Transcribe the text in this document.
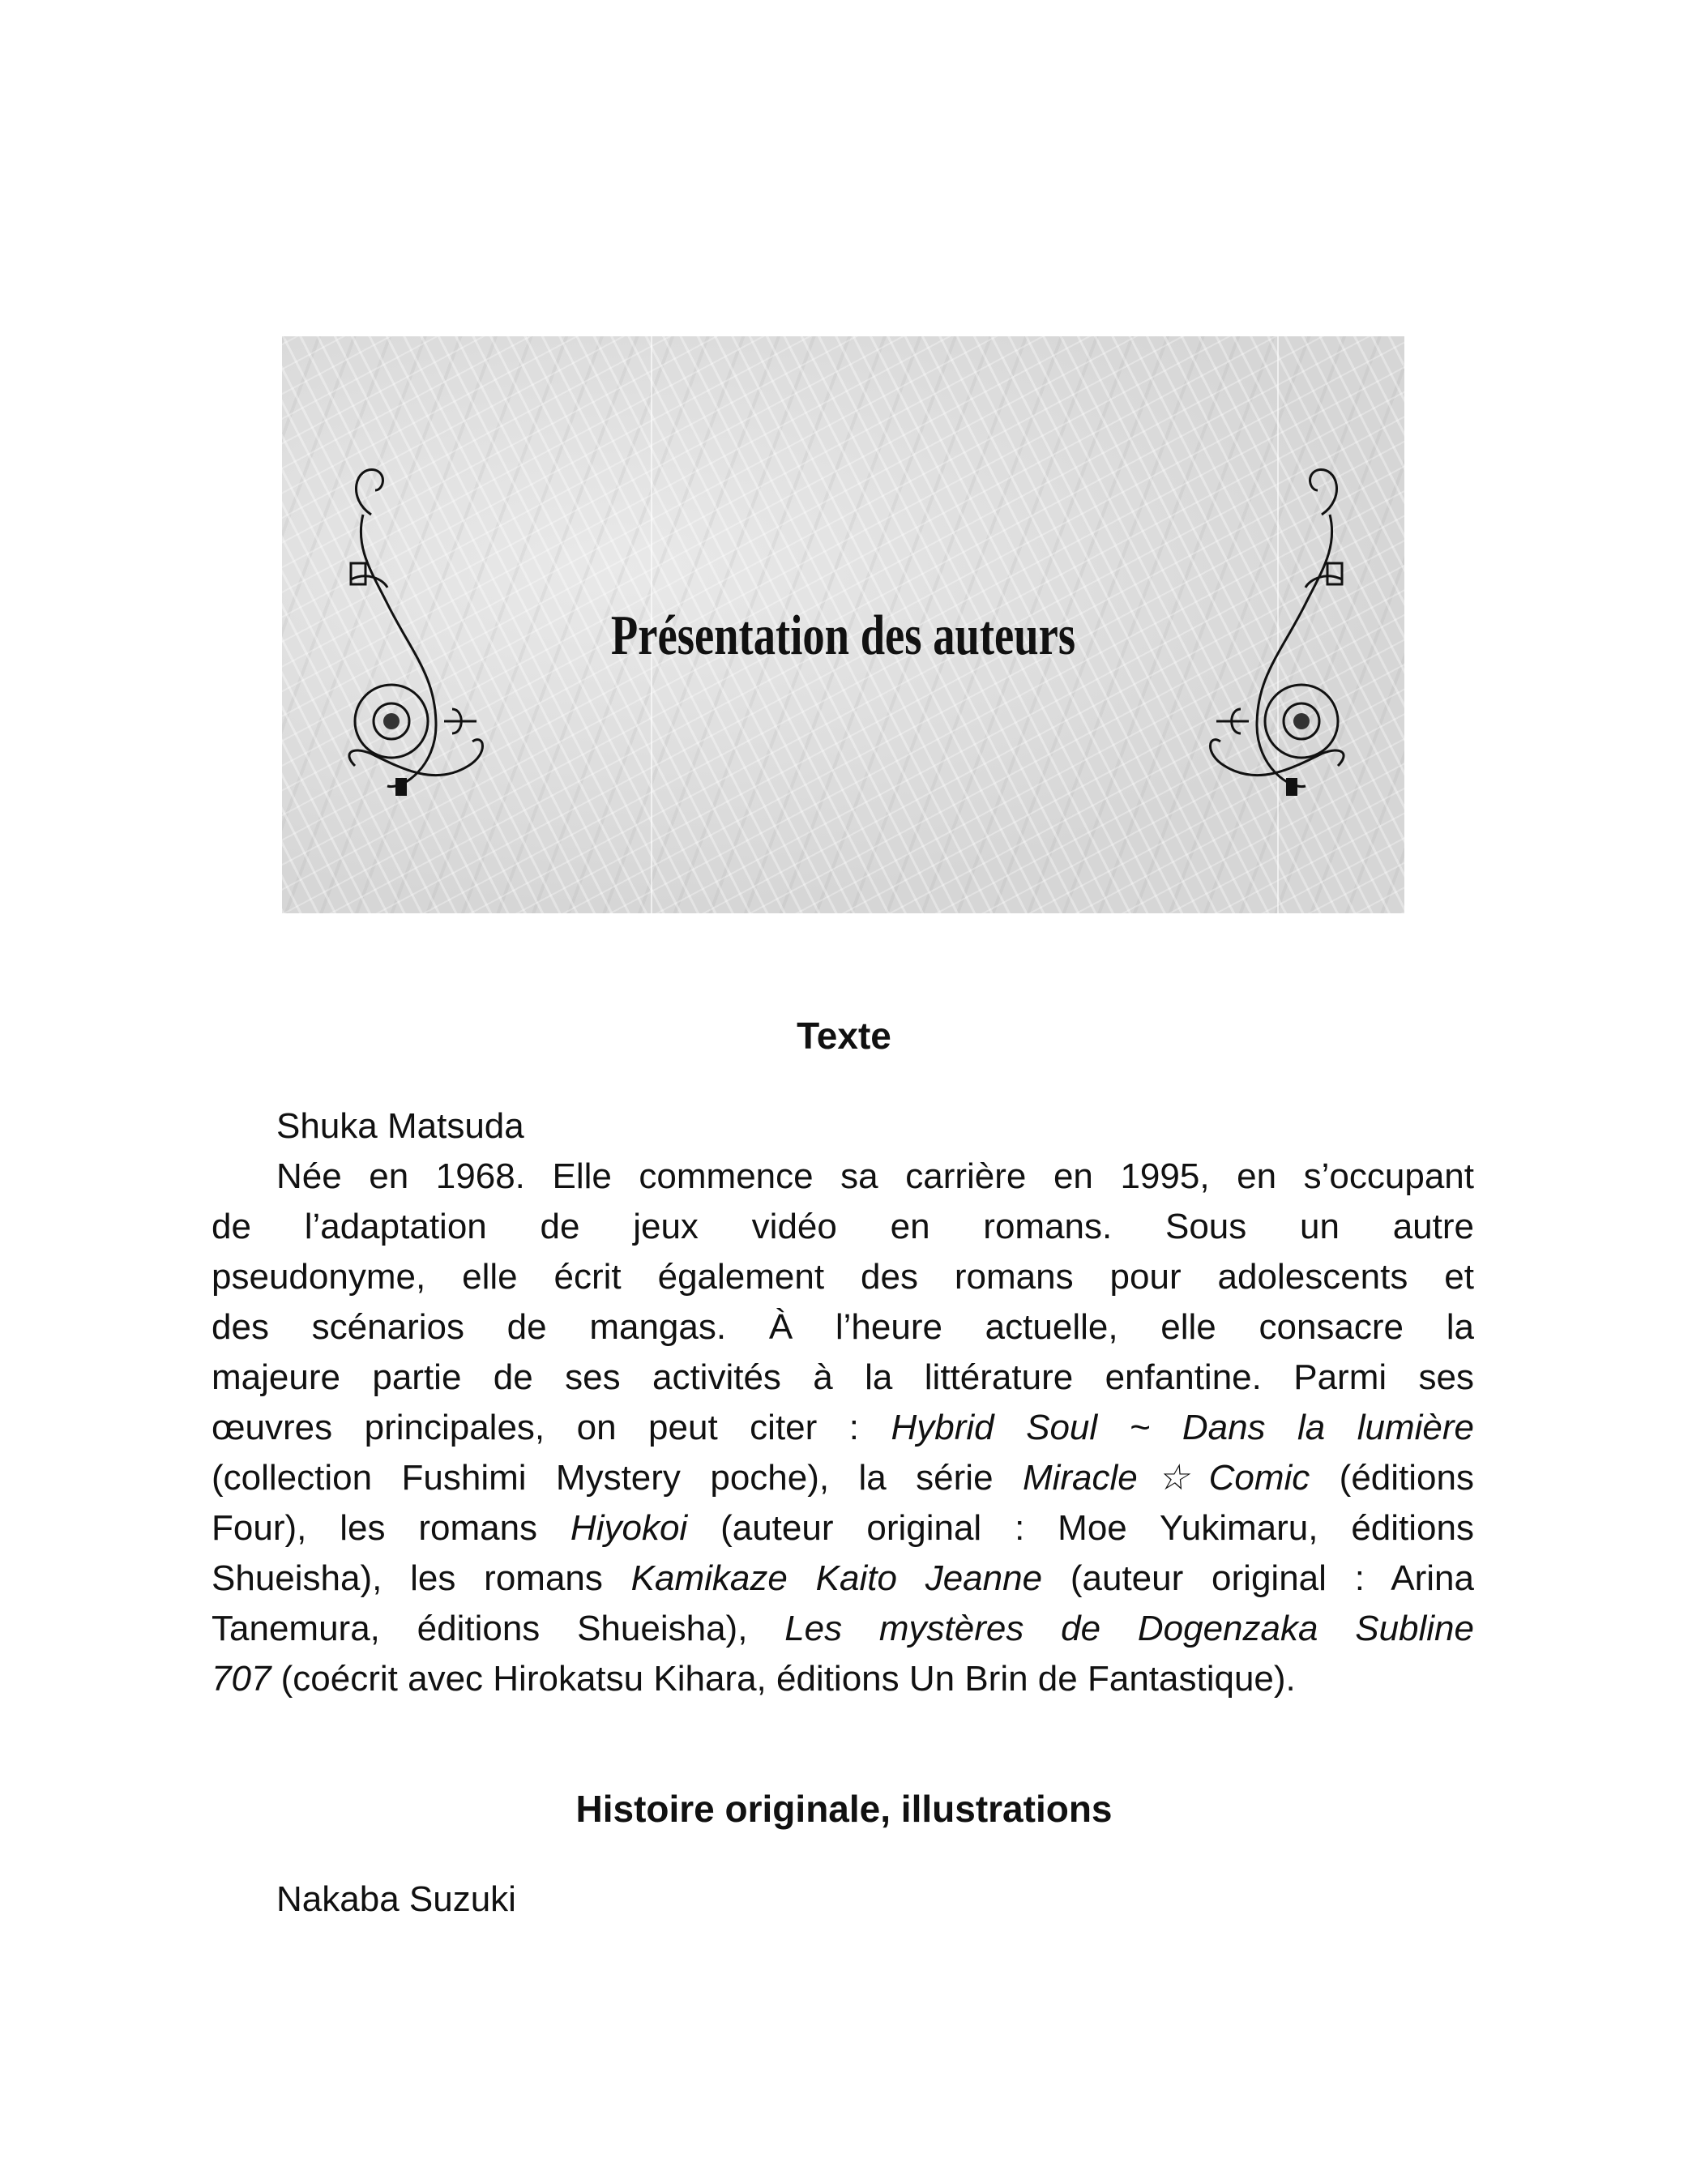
Présentation des auteurs
Texte
Shuka Matsuda
Née en 1968. Elle commence sa carrière en 1995, en s’occupant
de l’adaptation de jeux vidéo en romans. Sous un autre
pseudonyme, elle écrit également des romans pour adolescents et
des scénarios de mangas. À l’heure actuelle, elle consacre la
majeure partie de ses activités à la littérature enfantine. Parmi ses
œuvres principales, on peut citer : Hybrid Soul ~ Dans la lumière
(collection Fushimi Mystery poche), la série Miracle☆Comic (éditions
Four), les romans Hiyokoi (auteur original : Moe Yukimaru, éditions
Shueisha), les romans Kamikaze Kaito Jeanne (auteur original : Arina
Tanemura, éditions Shueisha), Les mystères de Dogenzaka Subline
707 (coécrit avec Hirokatsu Kihara, éditions Un Brin de Fantastique).
Histoire originale, illustrations
Nakaba Suzuki
